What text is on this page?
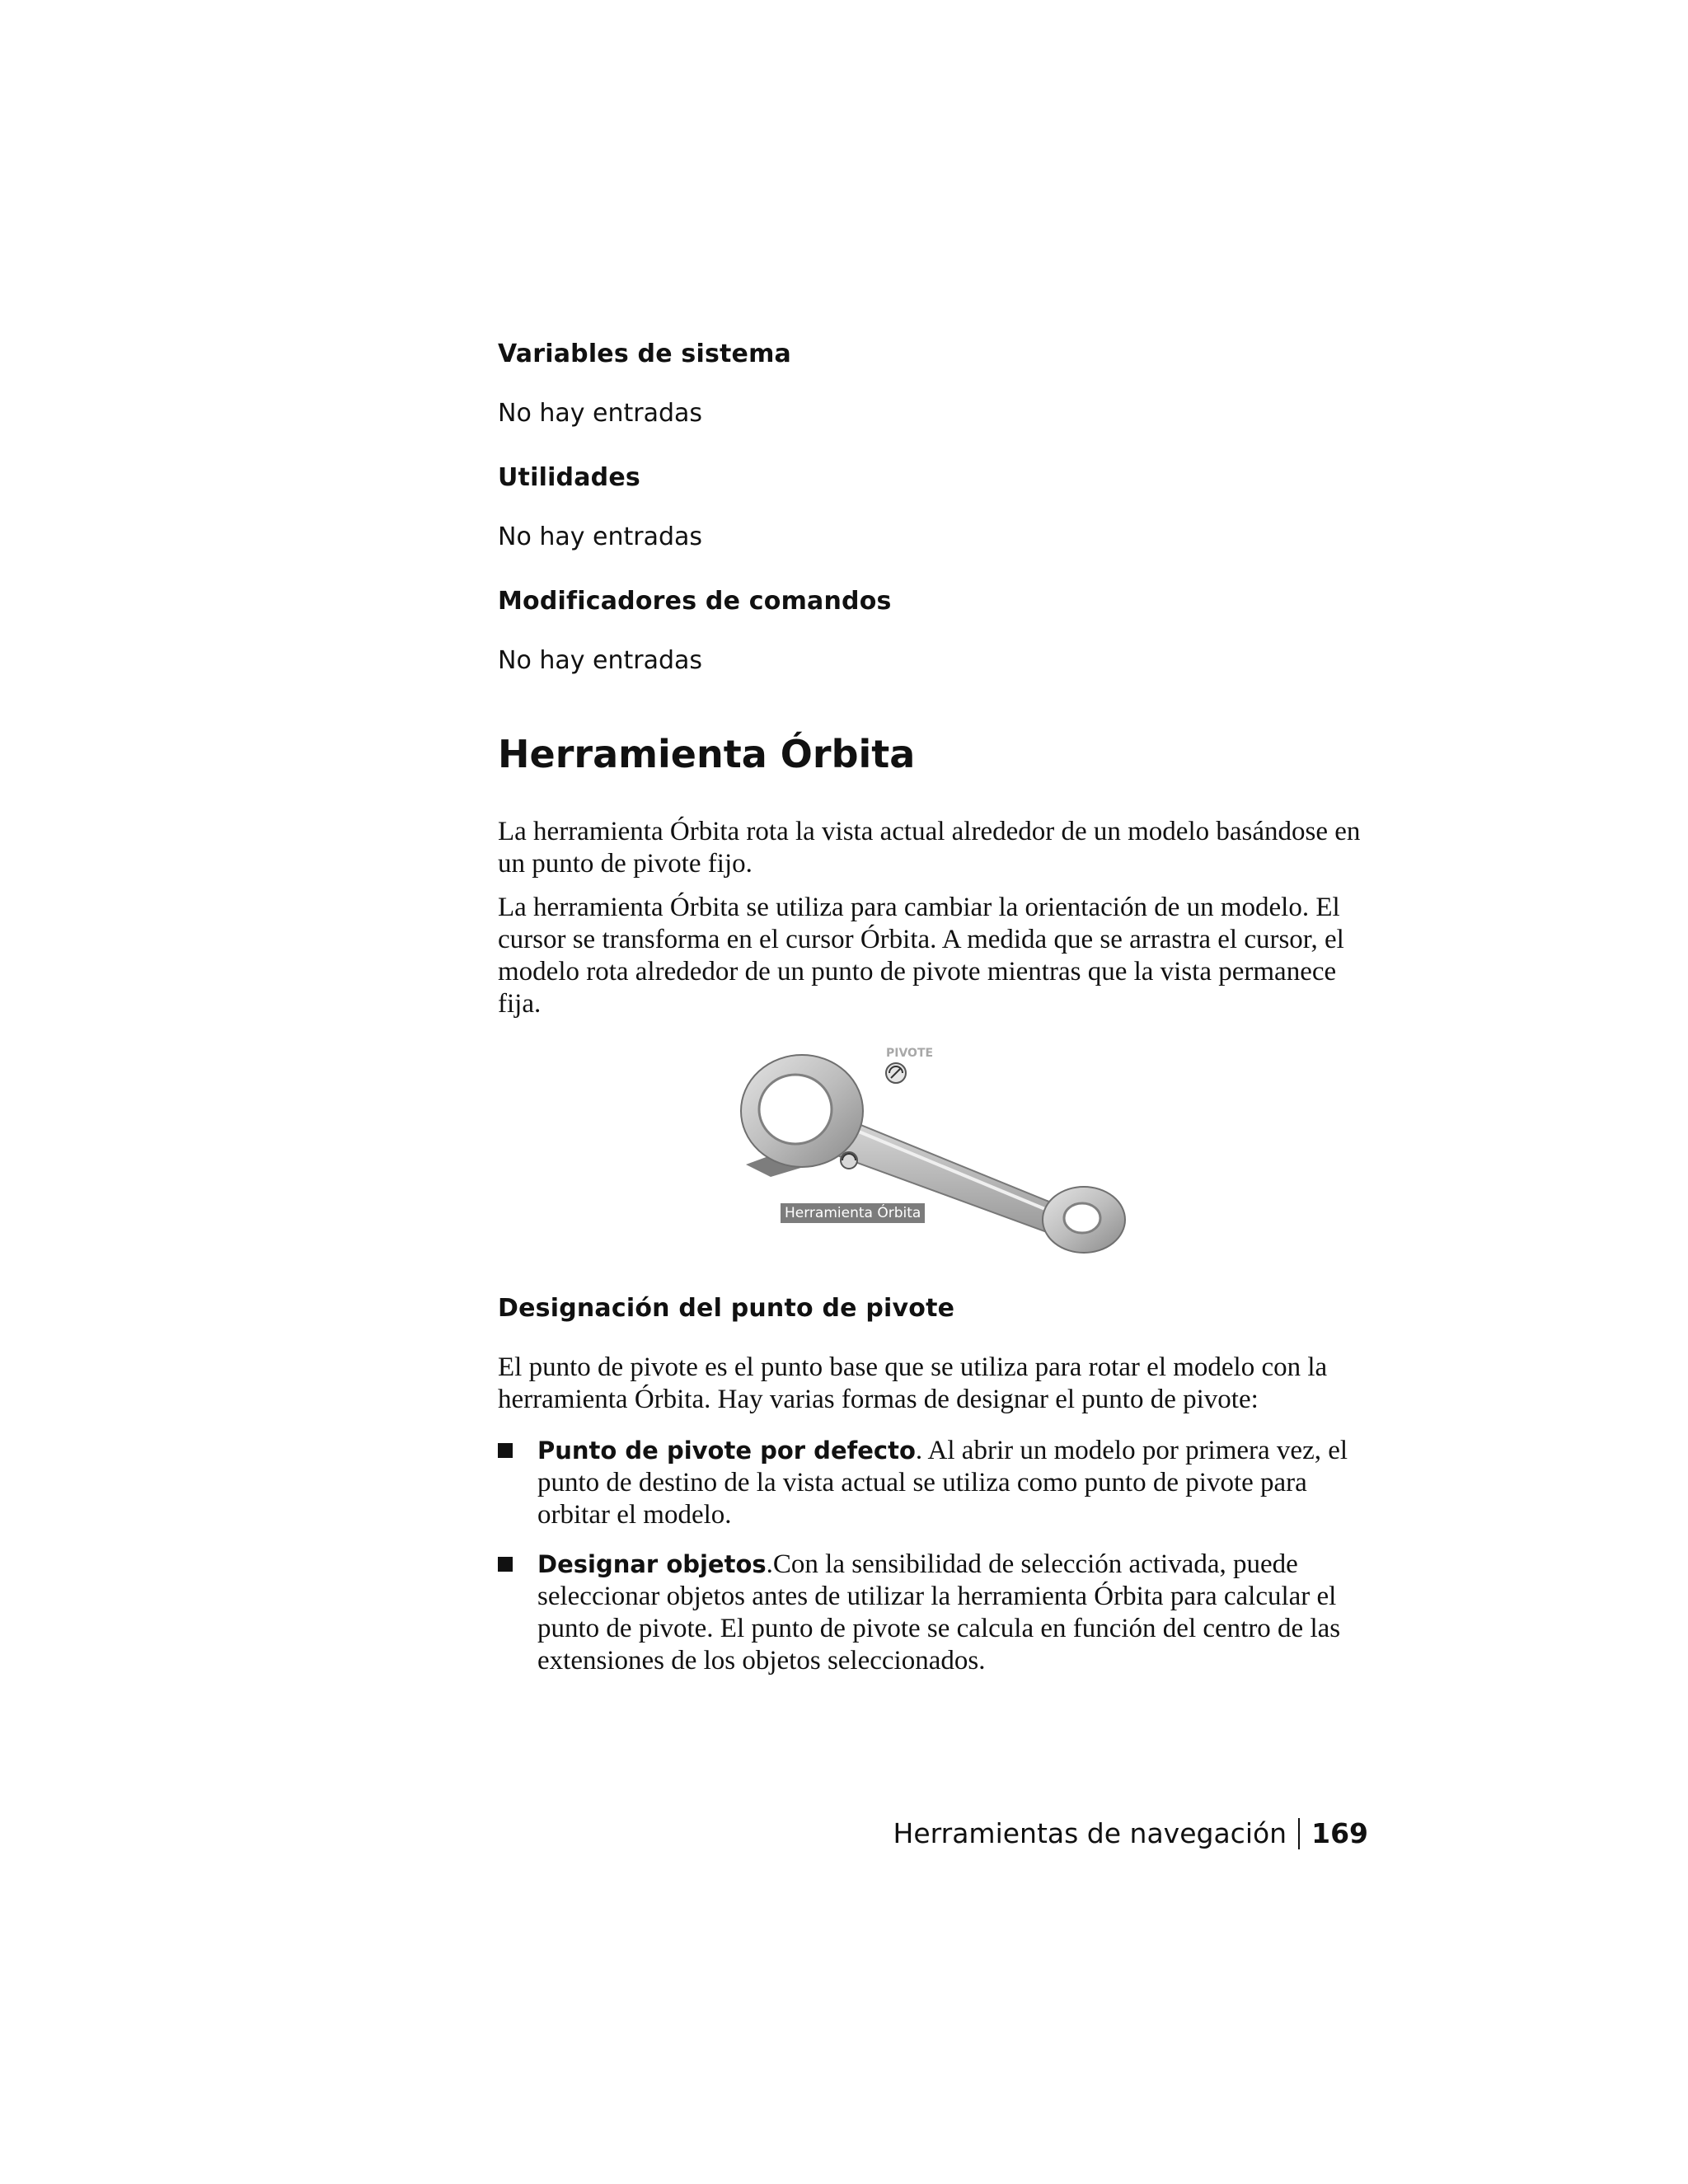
Variables de sistema
No hay entradas
Utilidades
No hay entradas
Modificadores de comandos
No hay entradas
Herramienta Órbita

La herramienta Órbita rota la vista actual alrededor de un modelo basándose en un punto de pivote fijo.

La herramienta Órbita se utiliza para cambiar la orientación de un modelo. El cursor se transforma en el cursor Órbita. A medida que se arrastra el cursor, el modelo rota alrededor de un punto de pivote mientras que la vista permanece fija.

PIVOTE
Herramienta Órbita
Designación del punto de pivote
El punto de pivote es el punto base que se utiliza para rotar el modelo con la herramienta Órbita. Hay varias formas de designar el punto de pivote:
Punto de pivote por defecto. Al abrir un modelo por primera vez, el punto de destino de la vista actual se utiliza como punto de pivote para orbitar el modelo.
Designar objetos.Con la sensibilidad de selección activada, puede seleccionar objetos antes de utilizar la herramienta Órbita para calcular el punto de pivote. El punto de pivote se calcula en función del centro de las extensiones de los objetos seleccionados.
Herramientas de navegación 169
